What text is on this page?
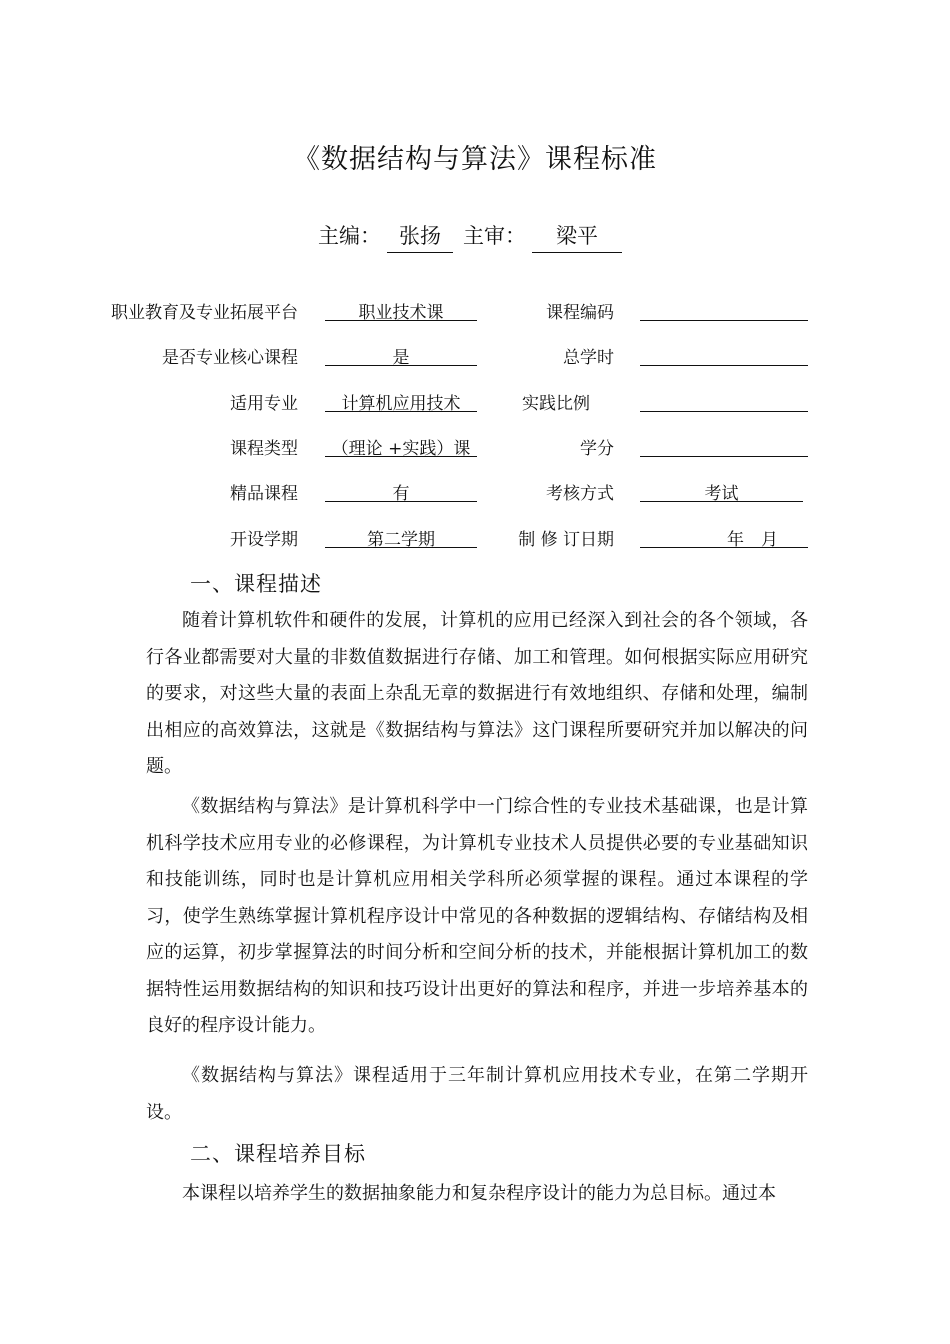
《数据结构与算法》课程标准
主编： 张扬 主审： 梁平
职业教育及专业拓展平台	职业技术课	课程编码
是否专业核心课程	是	总学时
适用专业	计算机应用技术	实践比例
课程类型	（理论 +实践）课	学分
精品课程	有	考核方式	考试
开设学期	第二学期	制 修 订日期	年　月
一、课程描述

随着计算机软件和硬件的发展，计算机的应用已经深入到社会的各个领域，各行各业都需要对大量的非数值数据进行存储、加工和管理。如何根据实际应用研究的要求，对这些大量的表面上杂乱无章的数据进行有效地组织、存储和处理，编制出相应的高效算法，这就是《数据结构与算法》这门课程所要研究并加以解决的问题。

《数据结构与算法》是计算机科学中一门综合性的专业技术基础课，也是计算机科学技术应用专业的必修课程，为计算机专业技术人员提供必要的专业基础知识和技能训练，同时也是计算机应用相关学科所必须掌握的课程。通过本课程的学习，使学生熟练掌握计算机程序设计中常见的各种数据的逻辑结构、存储结构及相应的运算，初步掌握算法的时间分析和空间分析的技术，并能根据计算机加工的数据特性运用数据结构的知识和技巧设计出更好的算法和程序，并进一步培养基本的良好的程序设计能力。

《数据结构与算法》课程适用于三年制计算机应用技术专业，在第二学期开设。

二、课程培养目标

本课程以培养学生的数据抽象能力和复杂程序设计的能力为总目标。通过本
